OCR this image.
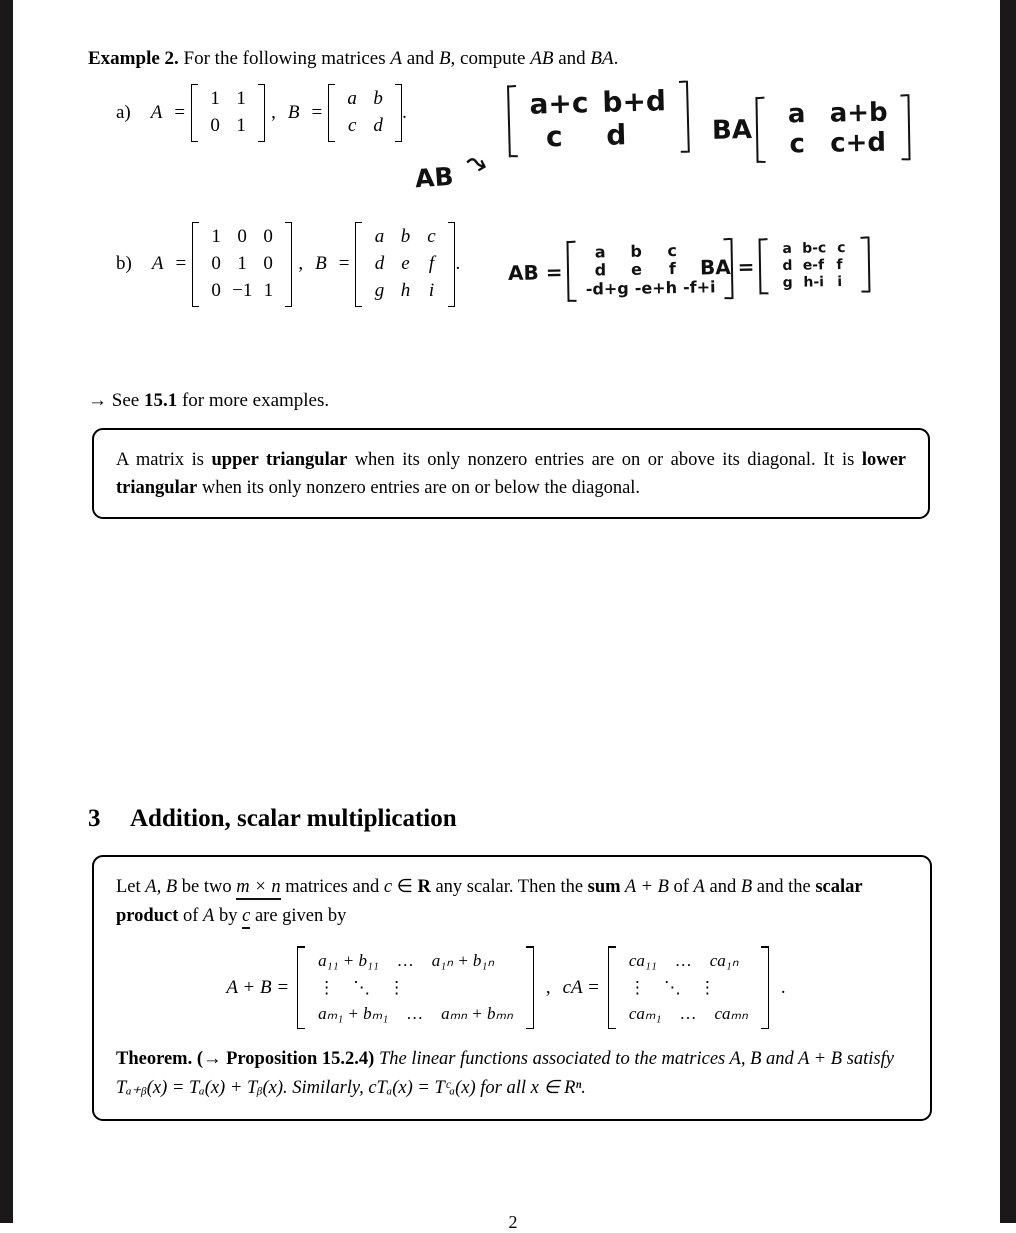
Example 2. For the following matrices A and B, compute AB and BA.
a) A =
1 1
0 1
, B =
a b
c d
.
b) A =
1 0 0
0 1 0
0 −1 1
, B =
a b c
d e	f
g h i
.
AB ⤳
a+c b+d
c	d	BA
a a+b
c c+d
AB =
a	b	c
d	e	f
-d+g -e+h -f+i
BA =
a b-c c
d e-f f
g h-i i
→ See 15.1 for more examples.

A matrix is upper triangular when its only nonzero entries are on or above its diagonal. It is lower triangular when its only nonzero entries are on or below the diagonal.

3 Addition, scalar multiplication

Let A, B be two m × n matrices and c ∈ R any scalar. Then the sum A + B of A and B and the scalar product of A by c are given by

A + B =
a₁₁ + b₁₁	…	a₁ₙ + b₁ₙ
⋮	⋱	⋮
aₘ₁ + bₘ₁	…	aₘₙ + bₘₙ
, cA =
ca₁₁	…	ca₁ₙ
⋮	⋱	⋮
caₘ₁	…	caₘₙ
.

Theorem. (→ Proposition 15.2.4) The linear functions associated to the matrices A, B and A + B satisfy
Tₐ₊ᵦ(x) = Tₐ(x) + Tᵦ(x). Similarly, cTₐ(x) = Tᶜₐ(x) for all x ∈ Rⁿ.

2
